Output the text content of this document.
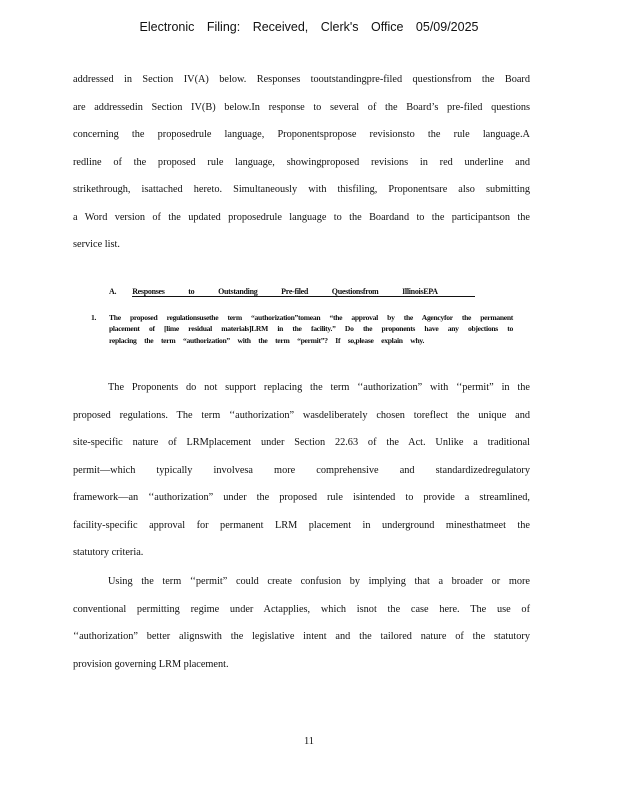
Electronic Filing: Received, Clerk's Office 05/09/2025
addressed in Section IV(A) below. Responses tooutstandingpre-filed questionsfrom the Board
are addressedin Section IV(B) below.In response to several of the Board’s pre-filed questions
concerning the proposedrule language, Proponentspropose revisionsto the rule language.A
redline of the proposed rule language, showingproposed revisions in red underline and
strikethrough, isattached hereto. Simultaneously with thisfiling, Proponentsare also submitting
a Word version of the updated proposedrule language to the Boardand to the participantson the
service list.
A. Responses to Outstanding Pre-filed Questionsfrom IllinoisEPA
1. The proposed regulationsusethe term “authorization”tomean “the approval by the Agencyfor the permanent placement of [lime residual materials]LRM in the facility.” Do the proponents have any objections to replacing the term “authorization” with the term “permit”? If so,please explain why.
The Proponents do not support replacing the term ‘‘authorization” with ‘‘permit” in the
proposed regulations. The term ‘‘authorization” wasdeliberately chosen toreflect the unique and
site-specific nature of LRMplacement under Section 22.63 of the Act. Unlike a traditional
permit—which typically involvesa more comprehensive and standardizedregulatory
framework—an ‘‘authorization” under the proposed rule isintended to provide a streamlined,
facility-specific approval for permanent LRM placement in underground minesthatmeet the
statutory criteria.
Using the term ‘‘permit” could create confusion by implying that a broader or more
conventional permitting regime under Actapplies, which isnot the case here. The use of
‘‘authorization” better alignswith the legislative intent and the tailored nature of the statutory
provision governing LRM placement.
11
